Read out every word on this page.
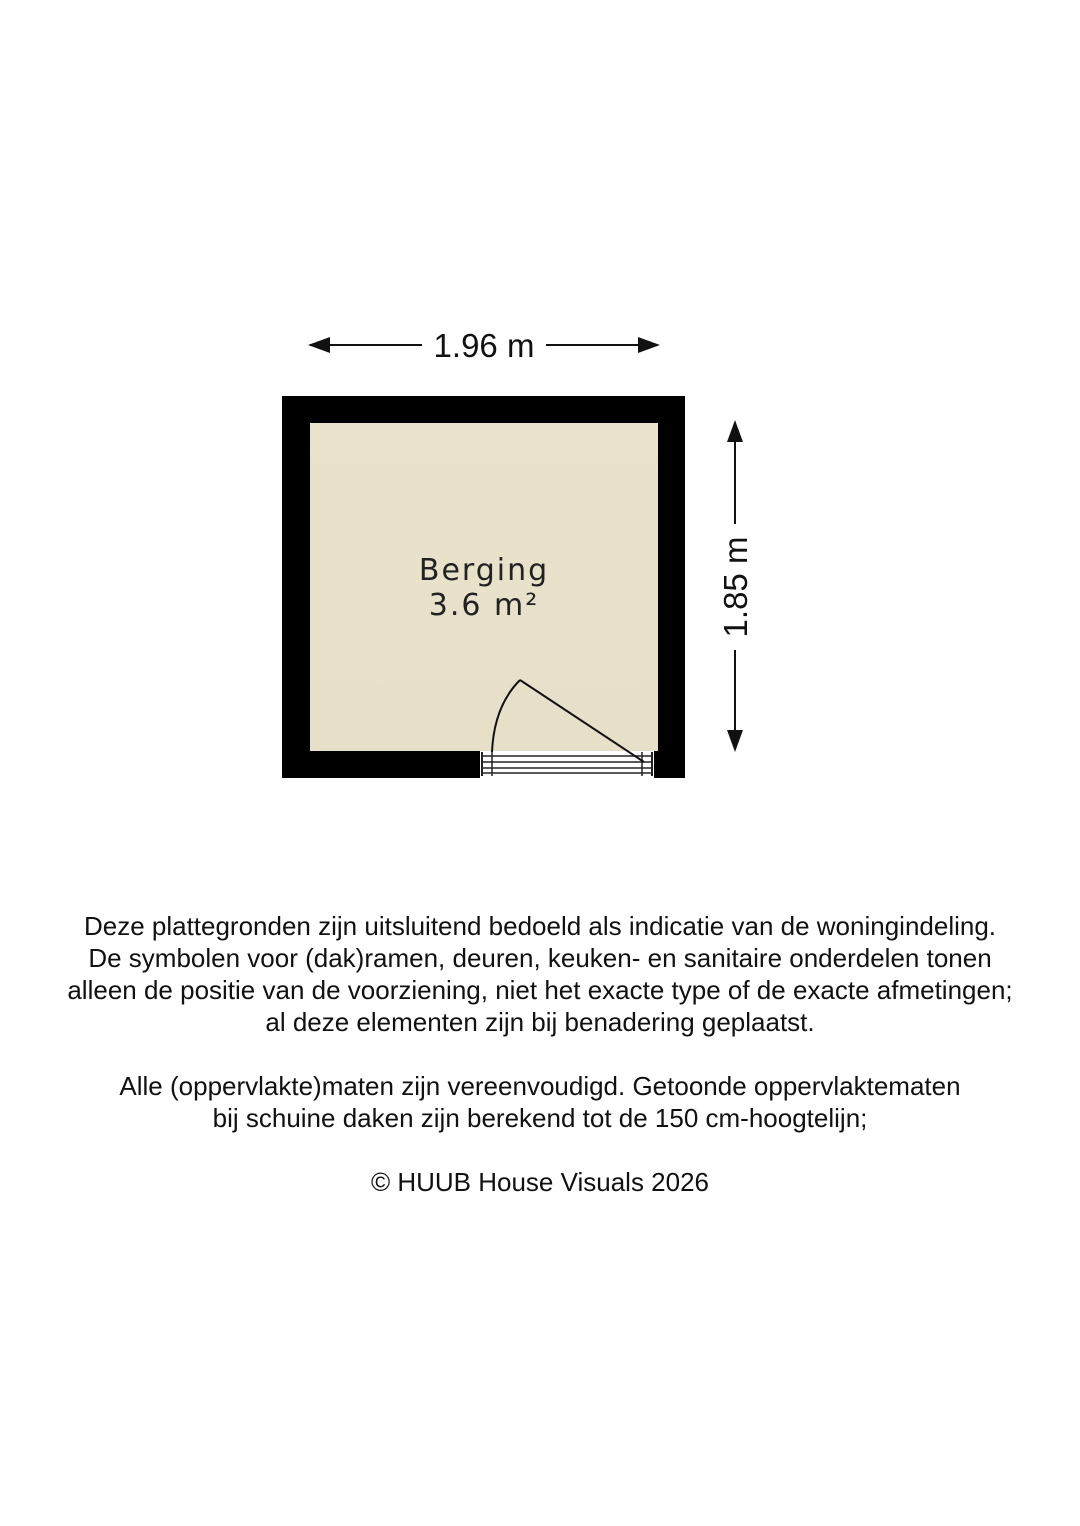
1.96 m
1.85 m
Berging
3.6 m²
Deze plattegronden zijn uitsluitend bedoeld als indicatie van de woningindeling.
De symbolen voor (dak)ramen, deuren, keuken- en sanitaire onderdelen tonen
alleen de positie van de voorziening, niet het exacte type of de exacte afmetingen;
al deze elementen zijn bij benadering geplaatst.
Alle (oppervlakte)maten zijn vereenvoudigd. Getoonde oppervlaktematen
bij schuine daken zijn berekend tot de 150 cm-hoogtelijn;
© HUUB House Visuals 2026
